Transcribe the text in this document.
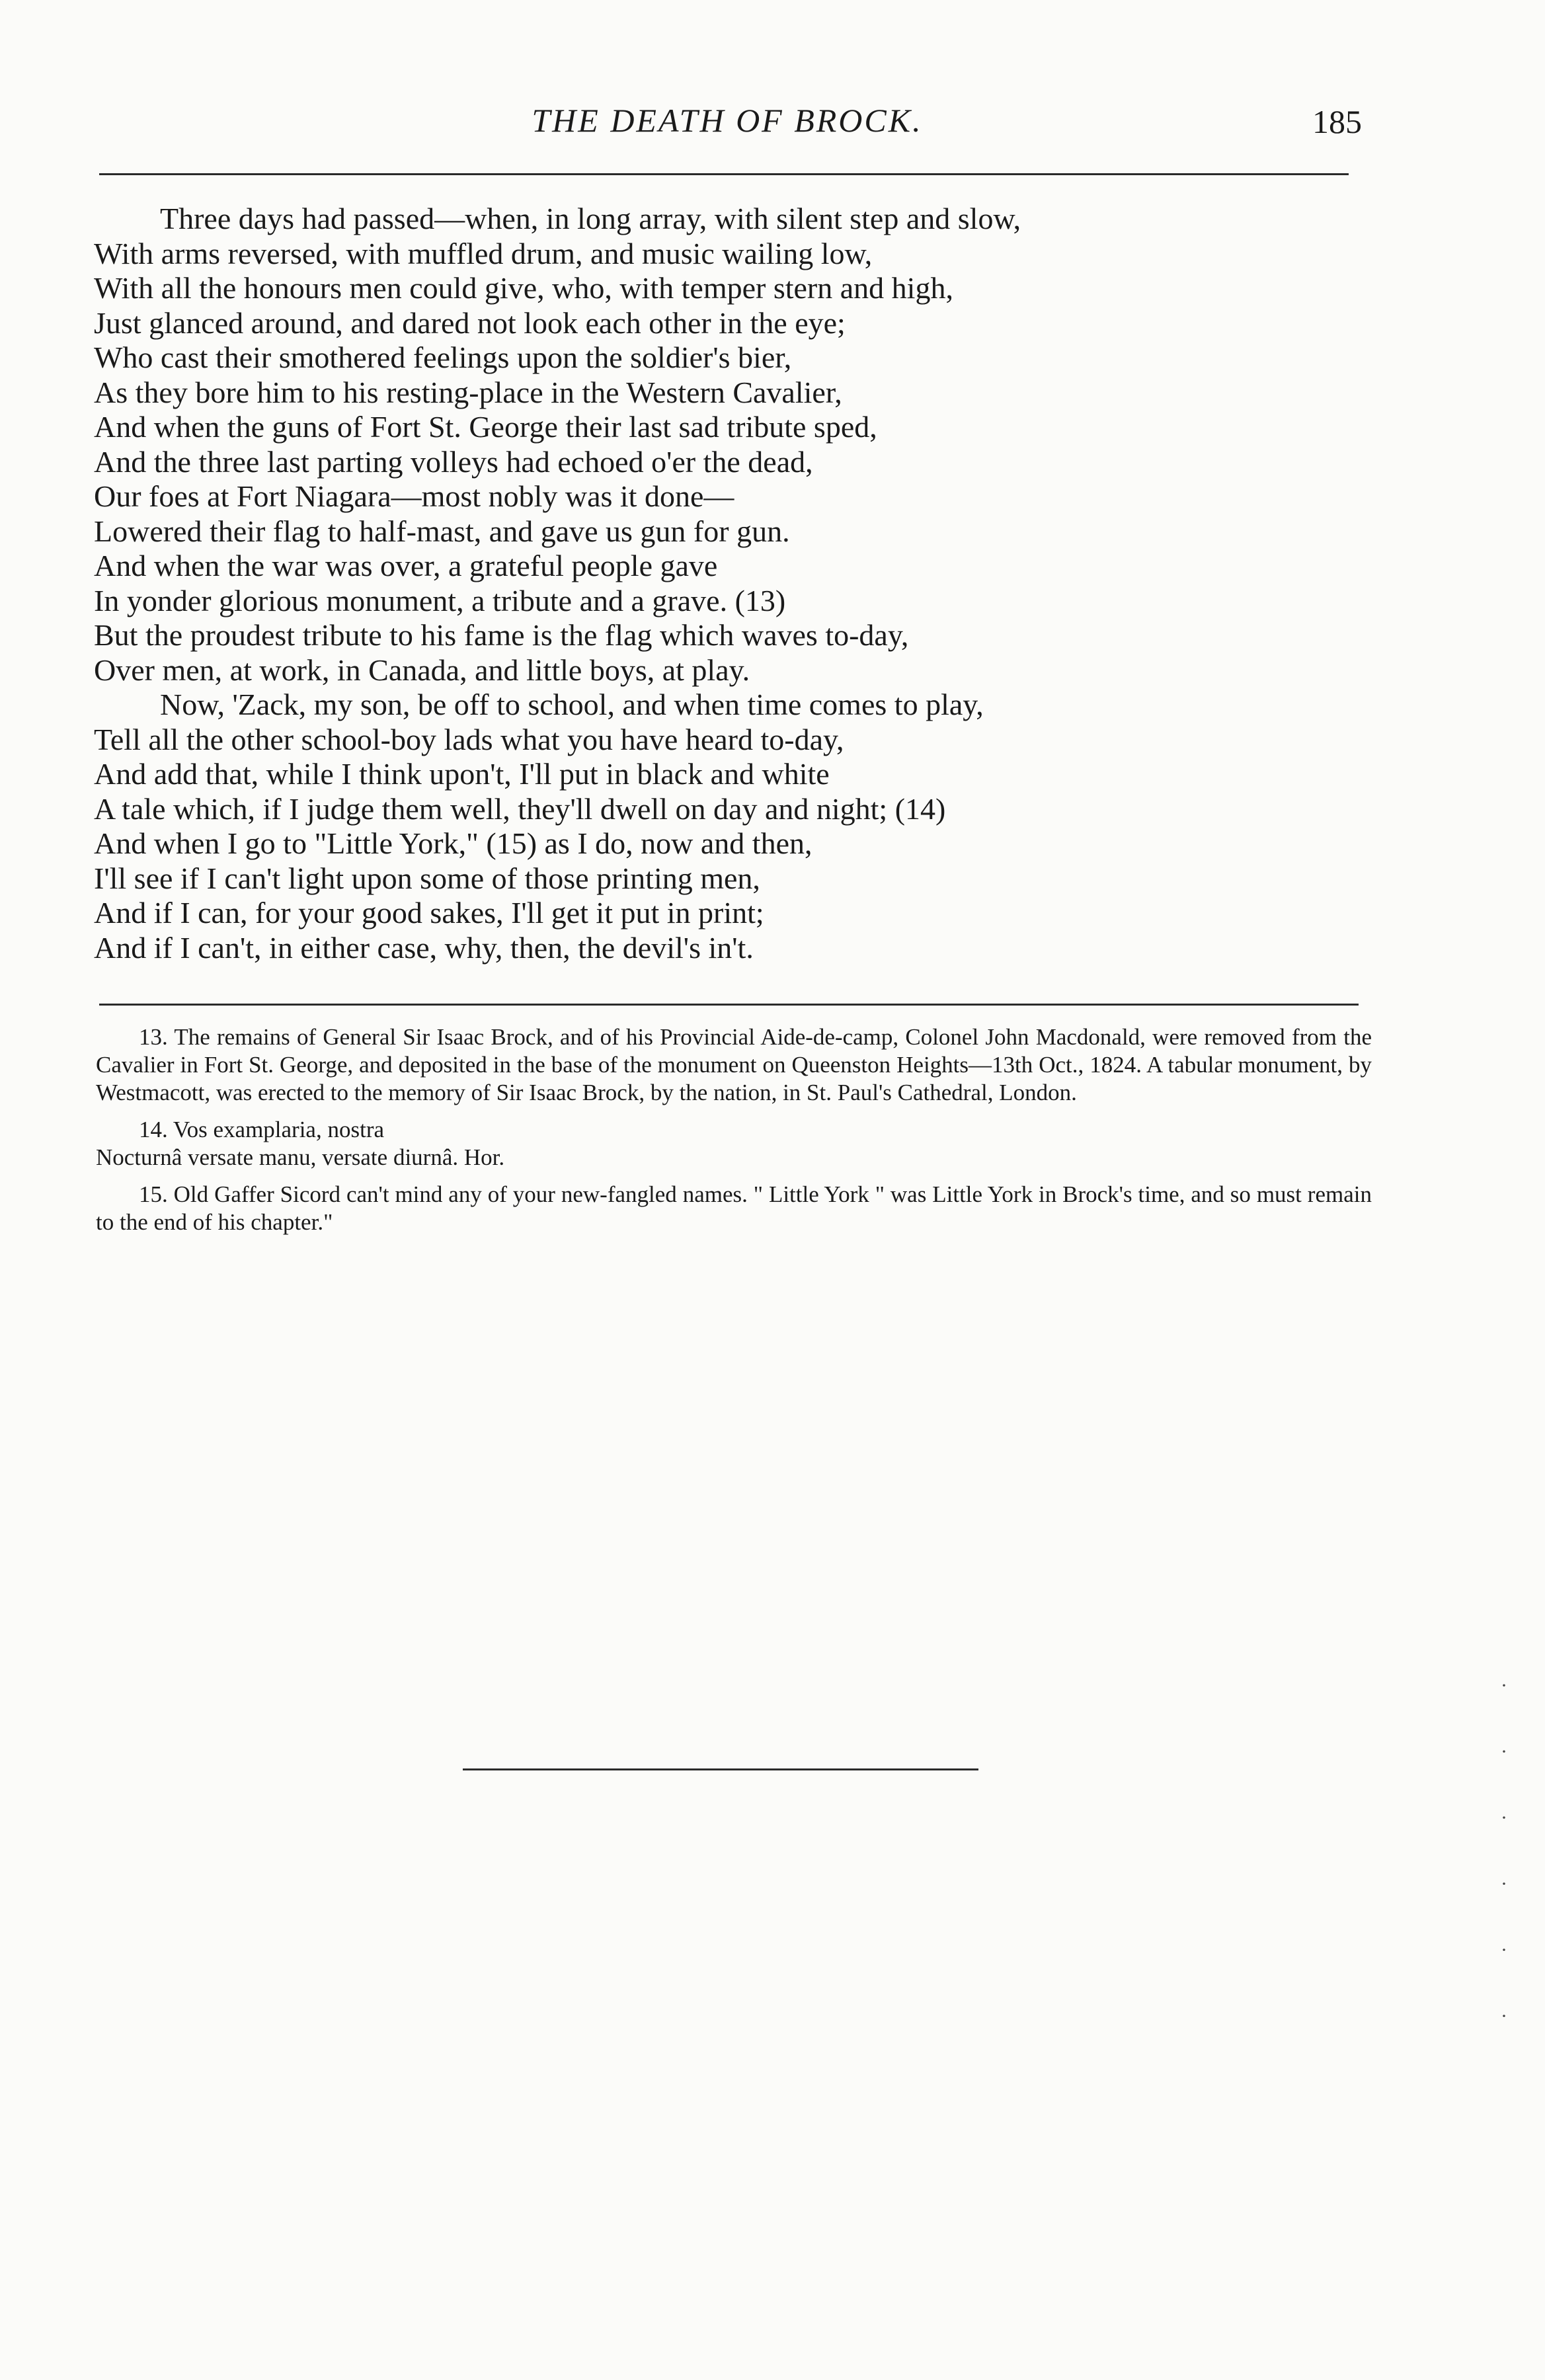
THE DEATH OF BROCK.	185
Three days had passed—when, in long array, with silent step and slow,
With arms reversed, with muffled drum, and music wailing low,
With all the honours men could give, who, with temper stern and high,
Just glanced around, and dared not look each other in the eye;
Who cast their smothered feelings upon the soldier's bier,
As they bore him to his resting-place in the Western Cavalier,
And when the guns of Fort St. George their last sad tribute sped,
And the three last parting volleys had echoed o'er the dead,
Our foes at Fort Niagara—most nobly was it done—
Lowered their flag to half-mast, and gave us gun for gun.
And when the war was over, a grateful people gave
In yonder glorious monument, a tribute and a grave. (13)
But the proudest tribute to his fame is the flag which waves to-day,
Over men, at work, in Canada, and little boys, at play.
Now, 'Zack, my son, be off to school, and when time comes to play,
Tell all the other school-boy lads what you have heard to-day,
And add that, while I think upon't, I'll put in black and white
A tale which, if I judge them well, they'll dwell on day and night; (14)
And when I go to "Little York," (15) as I do, now and then,
I'll see if I can't light upon some of those printing men,
And if I can, for your good sakes, I'll get it put in print;
And if I can't, in either case, why, then, the devil's in't.

13. The remains of General Sir Isaac Brock, and of his Provincial Aide-de-camp, Colonel John Macdonald, were removed from the Cavalier in Fort St. George, and deposited in the base of the monument on Queenston Heights—13th Oct., 1824. A tabular monument, by Westmacott, was erected to the memory of Sir Isaac Brock, by the nation, in St. Paul's Cathedral, London.

14. Vos examplaria, nostra

Nocturnâ versate manu, versate diurnâ. Hor.

15. Old Gaffer Sicord can't mind any of your new-fangled names. " Little York " was Little York in Brock's time, and so must remain to the end of his chapter."

·
·
·
·
·
·
